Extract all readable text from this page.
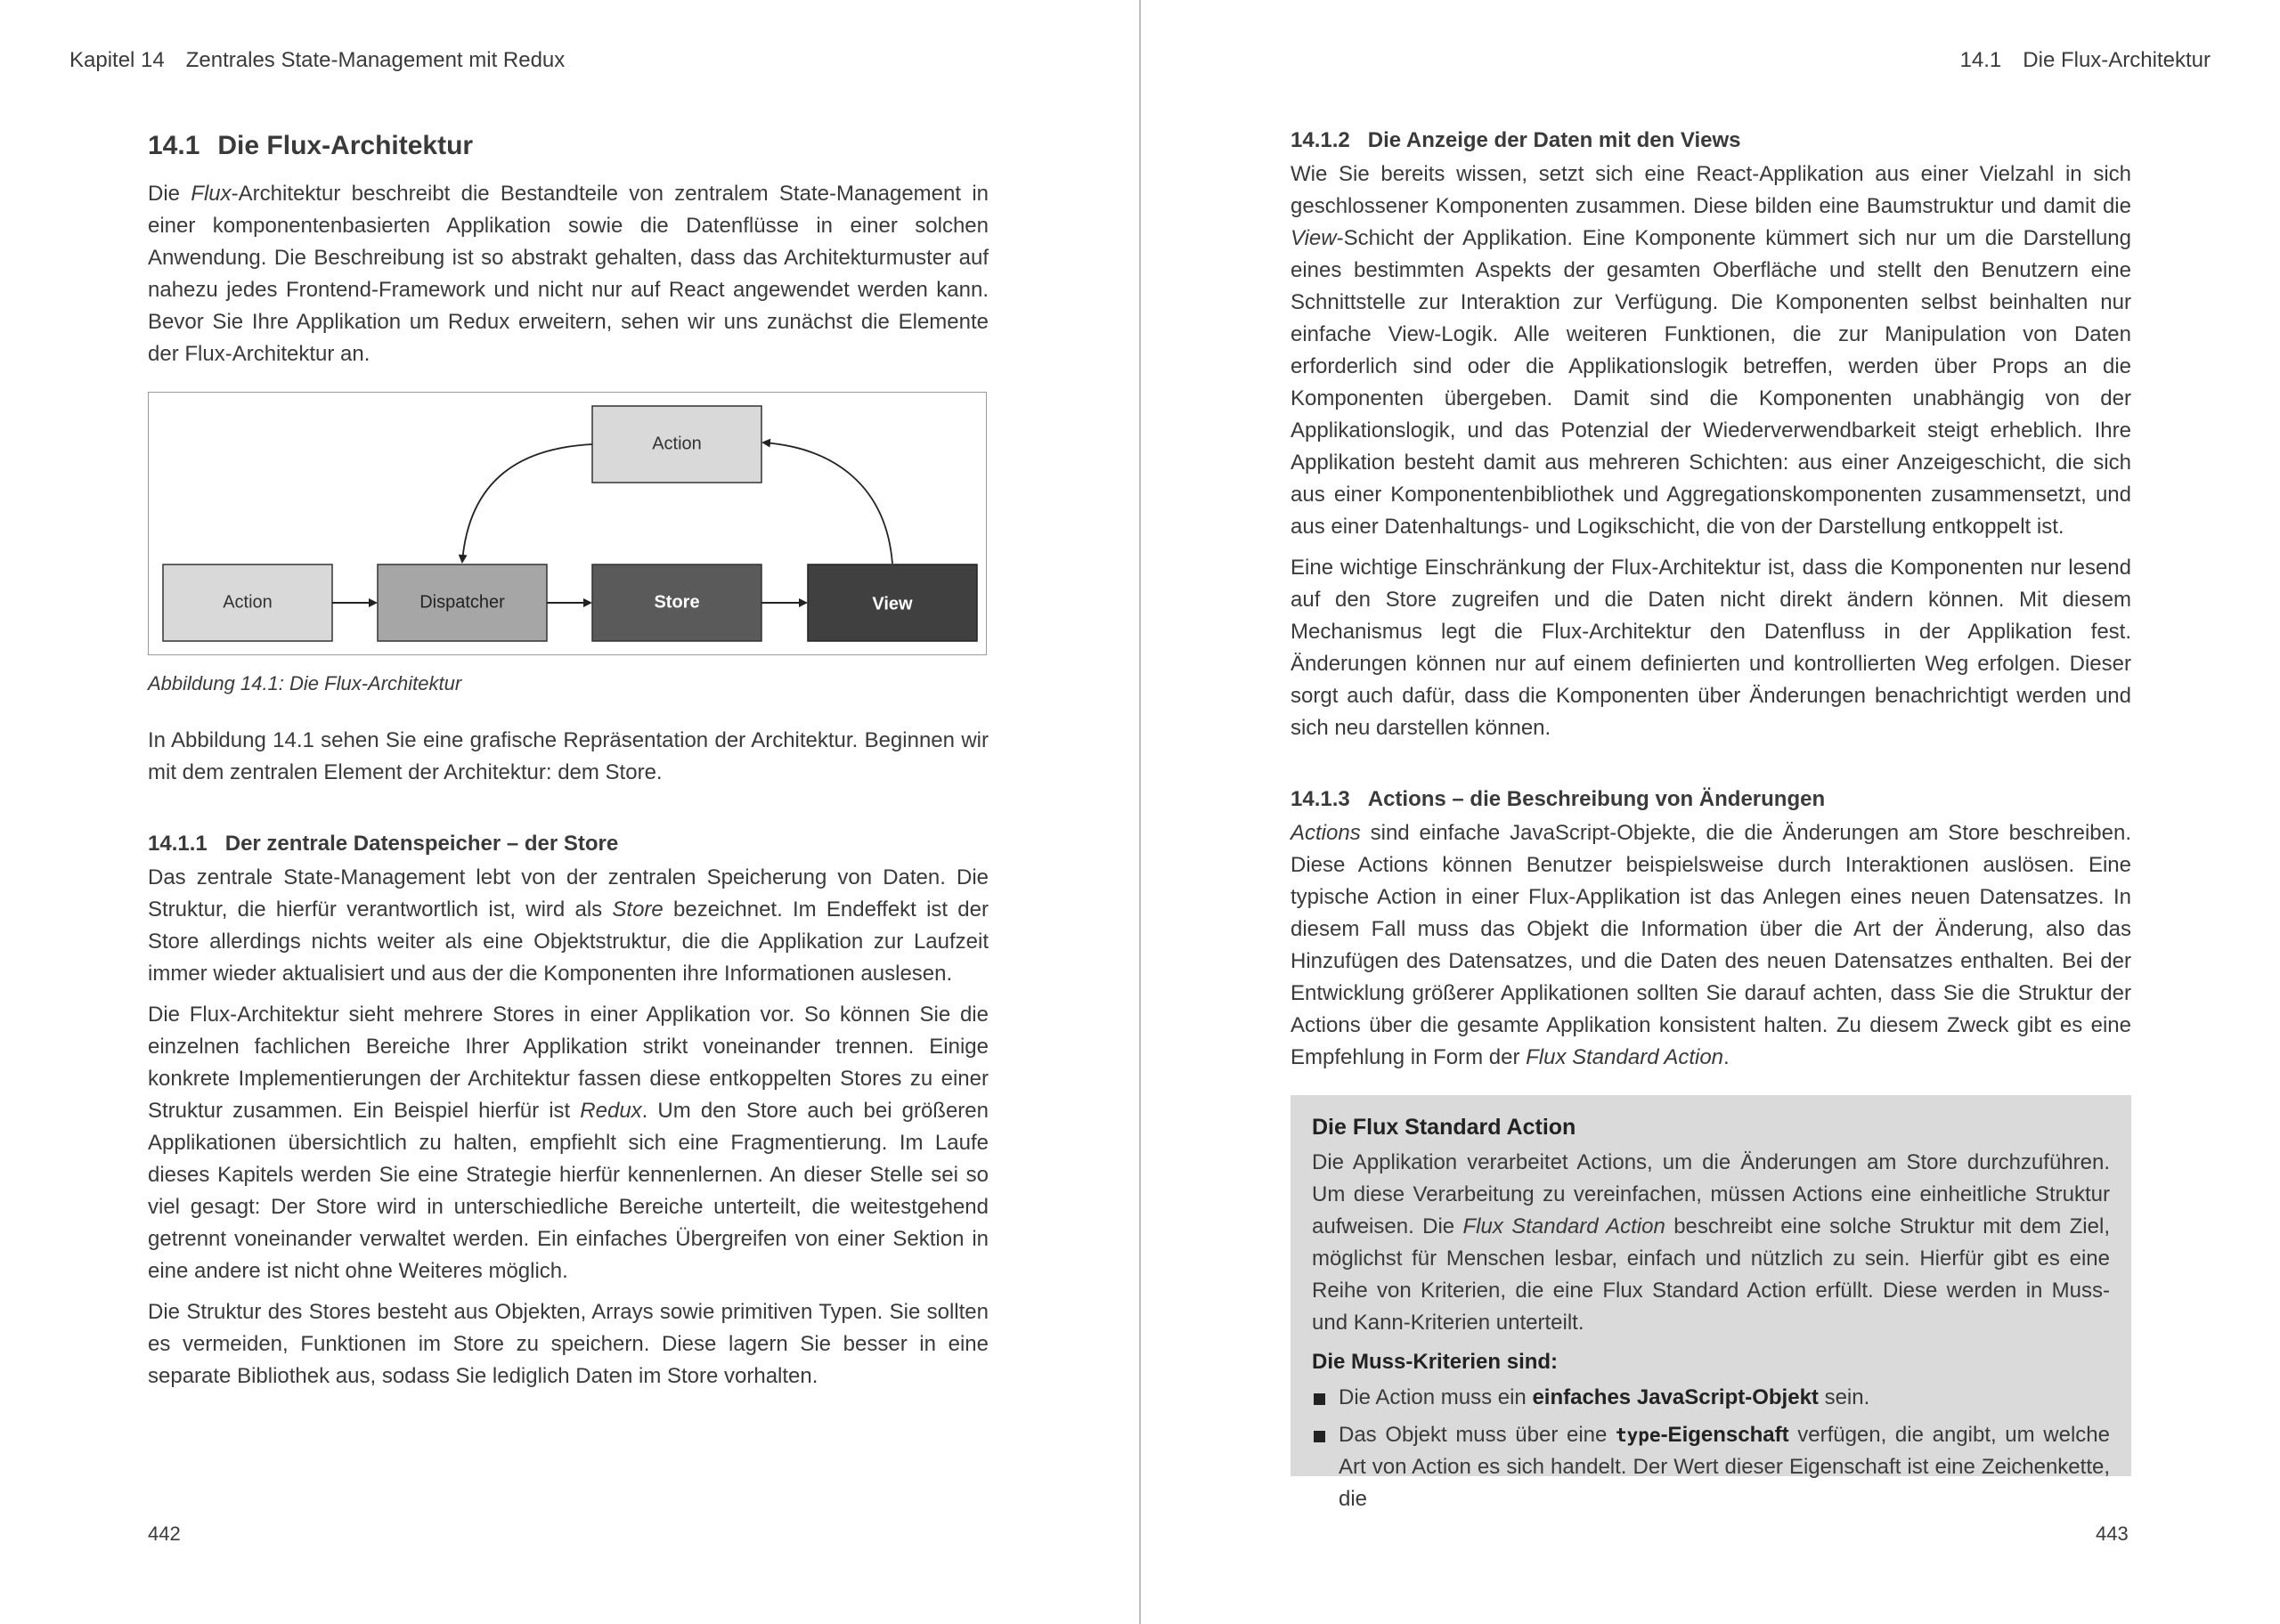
Kapitel 14 Zentrales State-Management mit Redux
14.1 Die Flux-Architektur

Die Flux-Architektur beschreibt die Bestandteile von zentralem State-Management in einer komponentenbasierten Applikation sowie die Datenflüsse in einer solchen Anwendung. Die Beschreibung ist so abstrakt gehalten, dass das Architekturmuster auf nahezu jedes Frontend-Framework und nicht nur auf React angewendet werden kann. Bevor Sie Ihre Applikation um Redux erweitern, sehen wir uns zunächst die Elemente der Flux-Architektur an.

Action
Action	Dispatcher	Store	View
Abbildung 14.1: Die Flux-Architektur

In Abbildung 14.1 sehen Sie eine grafische Repräsentation der Architektur. Beginnen wir mit dem zentralen Element der Architektur: dem Store.

14.1.1 Der zentrale Datenspeicher – der Store

Das zentrale State-Management lebt von der zentralen Speicherung von Daten. Die Struktur, die hierfür verantwortlich ist, wird als Store bezeichnet. Im Endeffekt ist der Store allerdings nichts weiter als eine Objektstruktur, die die Applikation zur Laufzeit immer wieder aktualisiert und aus der die Komponenten ihre Informationen auslesen.

Die Flux-Architektur sieht mehrere Stores in einer Applikation vor. So können Sie die einzelnen fachlichen Bereiche Ihrer Applikation strikt voneinander trennen. Einige konkrete Implementierungen der Architektur fassen diese entkoppelten Stores zu einer Struktur zusammen. Ein Beispiel hierfür ist Redux. Um den Store auch bei größeren Applikationen übersichtlich zu halten, empfiehlt sich eine Fragmentierung. Im Laufe dieses Kapitels werden Sie eine Strategie hierfür kennenlernen. An dieser Stelle sei so viel gesagt: Der Store wird in unterschiedliche Bereiche unterteilt, die weitestgehend getrennt voneinander verwaltet werden. Ein einfaches Übergreifen von einer Sektion in eine andere ist nicht ohne Weiteres möglich.

Die Struktur des Stores besteht aus Objekten, Arrays sowie primitiven Typen. Sie sollten es vermeiden, Funktionen im Store zu speichern. Diese lagern Sie besser in eine separate Bibliothek aus, sodass Sie lediglich Daten im Store vorhalten.

442
14.1 Die Flux-Architektur
14.1.2 Die Anzeige der Daten mit den Views

Wie Sie bereits wissen, setzt sich eine React-Applikation aus einer Vielzahl in sich geschlossener Komponenten zusammen. Diese bilden eine Baumstruktur und damit die View-Schicht der Applikation. Eine Komponente kümmert sich nur um die Darstellung eines bestimmten Aspekts der gesamten Oberfläche und stellt den Benutzern eine Schnittstelle zur Interaktion zur Verfügung. Die Komponenten selbst beinhalten nur einfache View-Logik. Alle weiteren Funktionen, die zur Manipulation von Daten erforderlich sind oder die Applikationslogik betreffen, werden über Props an die Komponenten übergeben. Damit sind die Komponenten unabhängig von der Applikationslogik, und das Potenzial der Wiederverwendbarkeit steigt erheblich. Ihre Applikation besteht damit aus mehreren Schichten: aus einer Anzeigeschicht, die sich aus einer Komponentenbibliothek und Aggregationskomponenten zusammensetzt, und aus einer Datenhaltungs- und Logikschicht, die von der Darstellung entkoppelt ist.

Eine wichtige Einschränkung der Flux-Architektur ist, dass die Komponenten nur lesend auf den Store zugreifen und die Daten nicht direkt ändern können. Mit diesem Mechanismus legt die Flux-Architektur den Datenfluss in der Applikation fest. Änderungen können nur auf einem definierten und kontrollierten Weg erfolgen. Dieser sorgt auch dafür, dass die Komponenten über Änderungen benachrichtigt werden und sich neu darstellen können.

14.1.3 Actions – die Beschreibung von Änderungen

Actions sind einfache JavaScript-Objekte, die die Änderungen am Store beschreiben. Diese Actions können Benutzer beispielsweise durch Interaktionen auslösen. Eine typische Action in einer Flux-Applikation ist das Anlegen eines neuen Datensatzes. In diesem Fall muss das Objekt die Information über die Art der Änderung, also das Hinzufügen des Datensatzes, und die Daten des neuen Datensatzes enthalten. Bei der Entwicklung größerer Applikationen sollten Sie darauf achten, dass Sie die Struktur der Actions über die gesamte Applikation konsistent halten. Zu diesem Zweck gibt es eine Empfehlung in Form der Flux Standard Action.

Die Flux Standard Action

Die Applikation verarbeitet Actions, um die Änderungen am Store durchzuführen. Um diese Verarbeitung zu vereinfachen, müssen Actions eine einheitliche Struktur aufweisen. Die Flux Standard Action beschreibt eine solche Struktur mit dem Ziel, möglichst für Menschen lesbar, einfach und nützlich zu sein. Hierfür gibt es eine Reihe von Kriterien, die eine Flux Standard Action erfüllt. Diese werden in Muss- und Kann-Kriterien unterteilt.

Die Muss-Kriterien sind:
Die Action muss ein einfaches JavaScript-Objekt sein.
Das Objekt muss über eine type-Eigenschaft verfügen, die angibt, um welche Art von Action es sich handelt. Der Wert dieser Eigenschaft ist eine Zeichenkette, die
443
